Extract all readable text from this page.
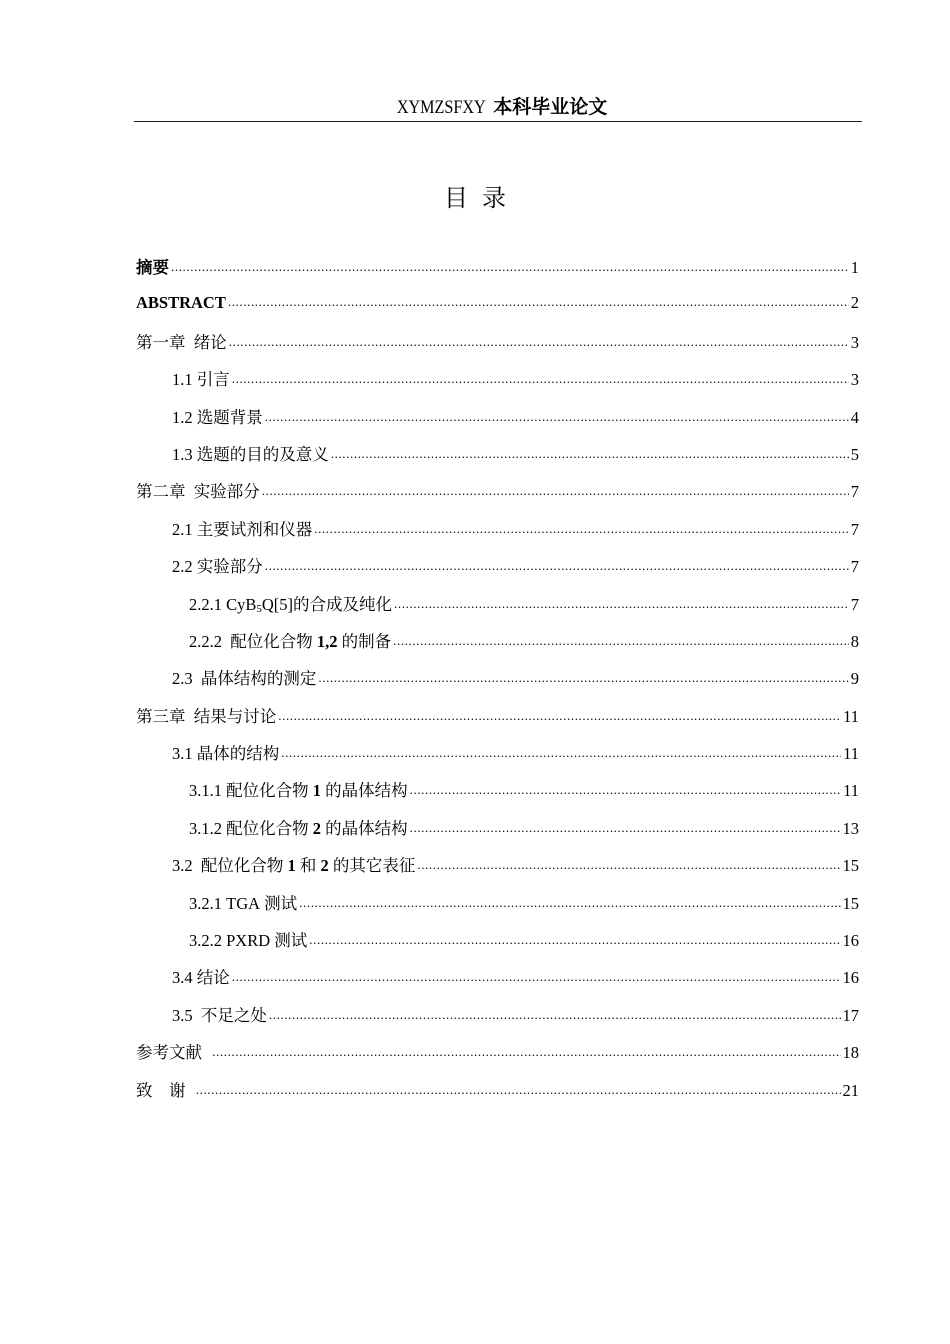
XYMZSFXY 本科毕业论文
目录
摘要 .....	1
ABSTRACT .....	2
第一章  绪论 .....	3
1.1 引言 .....	3
1.2 选题背景 .....	4
1.3 选题的目的及意义 .....	5
第二章  实验部分 .....	7
2.1 主要试剂和仪器 .....	7
2.2 实验部分 .....	7
2.2.1 CyB$_5$Q[5]的合成及纯化 .....	7
2.2.2  配位化合物 1,2 的制备 .....	8
2.3  晶体结构的测定 .....	9
第三章  结果与讨论 .....	11
3.1 晶体的结构 .....	11
3.1.1 配位化合物 1 的晶体结构 .....	11
3.1.2 配位化合物 2 的晶体结构 .....	13
3.2  配位化合物 1 和 2 的其它表征 .....	15
3.2.1 TGA 测试 .....	15
3.2.2 PXRD 测试 .....	16
3.4 结论 .....	16
3.5  不足之处 .....	17
参考文献 .....	18
致    谢 .....	21
